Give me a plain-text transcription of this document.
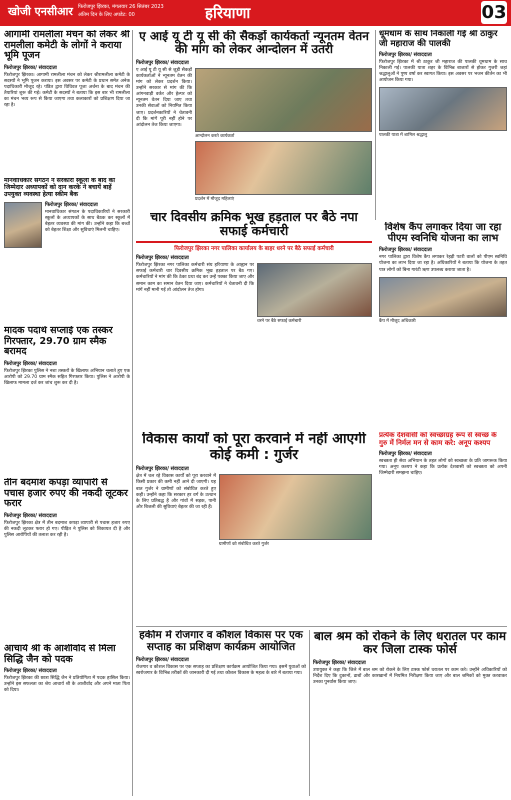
खोजी एनसीआर फिरोजपुर झिरका, मंगलवार 26 सितंबर 2023
अंतिम दिन के लिए अपडेट: 00	हरियाणा	03
आगामी रामलीला मंचन को लेकर श्री रामलीला कमेटी के लोगों ने कराया भूमि पूजन
फिरोजपुर झिरका/ संवाददाता
फिरोजपुर झिरका। आगामी रामलीला मंचन को लेकर श्रीरामलीला कमेटी के सदस्यों ने भूमि पूजन कराया। इस अवसर पर कमेटी के प्रधान समेत अनेक पदाधिकारी मौजूद रहे। पंडित द्वारा विधिवत पूजा अर्चना के बाद मंचन की तैयारियां शुरू की गई। कमेटी के सदस्यों ने बताया कि इस बार भी रामलीला का मंचन भव्य रूप से किया जाएगा तथा कलाकारों को प्रशिक्षण दिया जा रहा है।
मानवाधिकार संगठन ने सरकारी स्कूलों के बाद की जिम्मेदार अध्यापकों को दान करके ने बचायें बाहें उपयुक्त व्यवस्था हेत्या स्कीम बैक
फिरोजपुर झिरका/ संवाददाता
मानवाधिकार संगठन के पदाधिकारियों ने सरकारी स्कूलों के अध्यापकों के साथ बैठक कर स्कूलों में बेहतर व्यवस्था की मांग की। उन्होंने कहा कि बच्चों को बेहतर शिक्षा और सुविधाएं मिलनी चाहिए।
मादक पदार्थ सप्लाई एक तस्कर गिरफ्तार, 29.70 ग्राम स्मैक बरामद
फिरोजपुर झिरका/ संवाददाता
फिरोजपुर झिरका पुलिस ने नशा तस्करों के खिलाफ अभियान चलाते हुए एक आरोपी को 29.70 ग्राम स्मैक सहित गिरफ्तार किया। पुलिस ने आरोपी के खिलाफ मामला दर्ज कर जांच शुरू कर दी है।
तीन बदमाश कपड़ा व्यापारी से पचास हजार रुपए की नकदी लूटकर फरार
फिरोजपुर झिरका/ संवाददाता
फिरोजपुर झिरका क्षेत्र में तीन बदमाश कपड़ा व्यापारी से पचास हजार रुपए की नकदी लूटकर फरार हो गए। पीड़ित ने पुलिस को शिकायत दी है और पुलिस आरोपियों की तलाश कर रही है।
आचार्य श्री के आशीर्वाद से मिला सिद्धि जैन को पदक
फिरोजपुर झिरका/ संवाददाता
फिरोजपुर झिरका की छात्रा सिद्धि जैन ने प्रतियोगिता में पदक हासिल किया। उन्होंने इस सफलता का श्रेय आचार्य श्री के आशीर्वाद और अपने माता पिता को दिया।
ए आई यू टी यू सी की सैकड़ों कार्यकर्ता न्यूनतम वेतन की मांग को लेकर आन्दोलन में उतरी
फिरोजपुर झिरका/ संवाददाता
ए आई यू टी यू सी से जुड़ी सैकड़ों कार्यकर्ताओं ने न्यूनतम वेतन की मांग को लेकर प्रदर्शन किया। उन्होंने सरकार से मांग की कि आंगनवाड़ी वर्कर और हेल्पर को न्यूनतम वेतन दिया जाए तथा उनकी सेवाओं को नियमित किया जाए। प्रदर्शनकारियों ने चेतावनी दी कि मांगें पूरी नहीं होने पर आंदोलन तेज किया जाएगा।
आन्दोलन करते कार्यकर्ता
प्रदर्शन में मौजूद महिलाएं
धूमधाम के साथ निकाली गई श्री ठाकुर जी महाराज की पालकी
फिरोजपुर झिरका/ संवाददाता
फिरोजपुर झिरका में श्री ठाकुर जी महाराज की पालकी धूमधाम के साथ निकाली गई। पालकी यात्रा शहर के विभिन्न बाजारों से होकर गुजरी जहां श्रद्धालुओं ने पुष्प वर्षा कर स्वागत किया। इस अवसर पर भजन कीर्तन का भी आयोजन किया गया।
पालकी यात्रा में शामिल श्रद्धालु
चार दिवसीय क्रमिक भूख हड़ताल पर बैठे नपा सफाई कर्मचारी
फिरोजपुर झिरका नगर पालिका कार्यालय के बाहर धरने पर बैठे सफाई कर्मचारी
फिरोजपुर झिरका/ संवाददाता
फिरोजपुर झिरका नगर पालिका कर्मचारी संघ हरियाणा के आह्वान पर सफाई कर्मचारी चार दिवसीय क्रमिक भूख हड़ताल पर बैठ गए। कर्मचारियों ने मांग की कि ठेका प्रथा बंद कर उन्हें पक्का किया जाए और समान काम का समान वेतन दिया जाए। कर्मचारियों ने चेतावनी दी कि मांगें नहीं मानी गईं तो आंदोलन तेज होगा।
धरने पर बैठे सफाई कर्मचारी
विशेष कैंप लगाकर दिया जा रहा पीएम स्वनिधि योजना का लाभ
फिरोजपुर झिरका/ संवाददाता
नगर पालिका द्वारा विशेष कैंप लगाकर रेहड़ी पटरी वालों को पीएम स्वनिधि योजना का लाभ दिया जा रहा है। अधिकारियों ने बताया कि योजना के तहत पात्र लोगों को बिना गारंटी ऋण उपलब्ध कराया जाता है।
कैंप में मौजूद अधिकारी
विकास कार्यों को पूरा करवाने में नहीं आएगी कोई कमी : गुर्जर
फिरोजपुर झिरका/ संवाददाता
क्षेत्र में चल रहे विकास कार्यों को पूरा करवाने में किसी प्रकार की कमी नहीं आने दी जाएगी। यह बात गुर्जर ने ग्रामीणों को संबोधित करते हुए कही। उन्होंने कहा कि सरकार हर वर्ग के उत्थान के लिए प्रतिबद्ध है और गांवों में सड़क, पानी और बिजली की सुविधाएं बेहतर की जा रही हैं।
ग्रामीणों को संबोधित करते गुर्जर
प्रत्येक देशवासी को स्वच्छाग्रह रूप से स्वच्छ के गुरु में निर्मल मन से काम करे: अनूप कश्यप
फिरोजपुर झिरका/ संवाददाता
स्वच्छता ही सेवा अभियान के तहत लोगों को स्वच्छता के प्रति जागरूक किया गया। अनूप कश्यप ने कहा कि प्रत्येक देशवासी को स्वच्छता को अपनी जिम्मेदारी समझना चाहिए।
हकीम में रोजगार व कौशल विकास पर एक सप्ताह का प्रशिक्षण कार्यक्रम आयोजित
फिरोजपुर झिरका/ संवाददाता
रोजगार व कौशल विकास पर एक सप्ताह का प्रशिक्षण कार्यक्रम आयोजित किया गया। इसमें युवाओं को स्वरोजगार के विभिन्न तरीकों की जानकारी दी गई तथा कौशल विकास के महत्व के बारे में बताया गया।
बाल श्रम को रोकने के लिए धरातल पर काम कर जिला टास्क फोर्स
फिरोजपुर झिरका/ संवाददाता
उपायुक्त ने कहा कि जिले में बाल श्रम को रोकने के लिए टास्क फोर्स धरातल पर काम करे। उन्होंने अधिकारियों को निर्देश दिए कि दुकानों, ढाबों और कारखानों में नियमित निरीक्षण किया जाए और बाल श्रमिकों को मुक्त करवाकर उनका पुनर्वास किया जाए।
